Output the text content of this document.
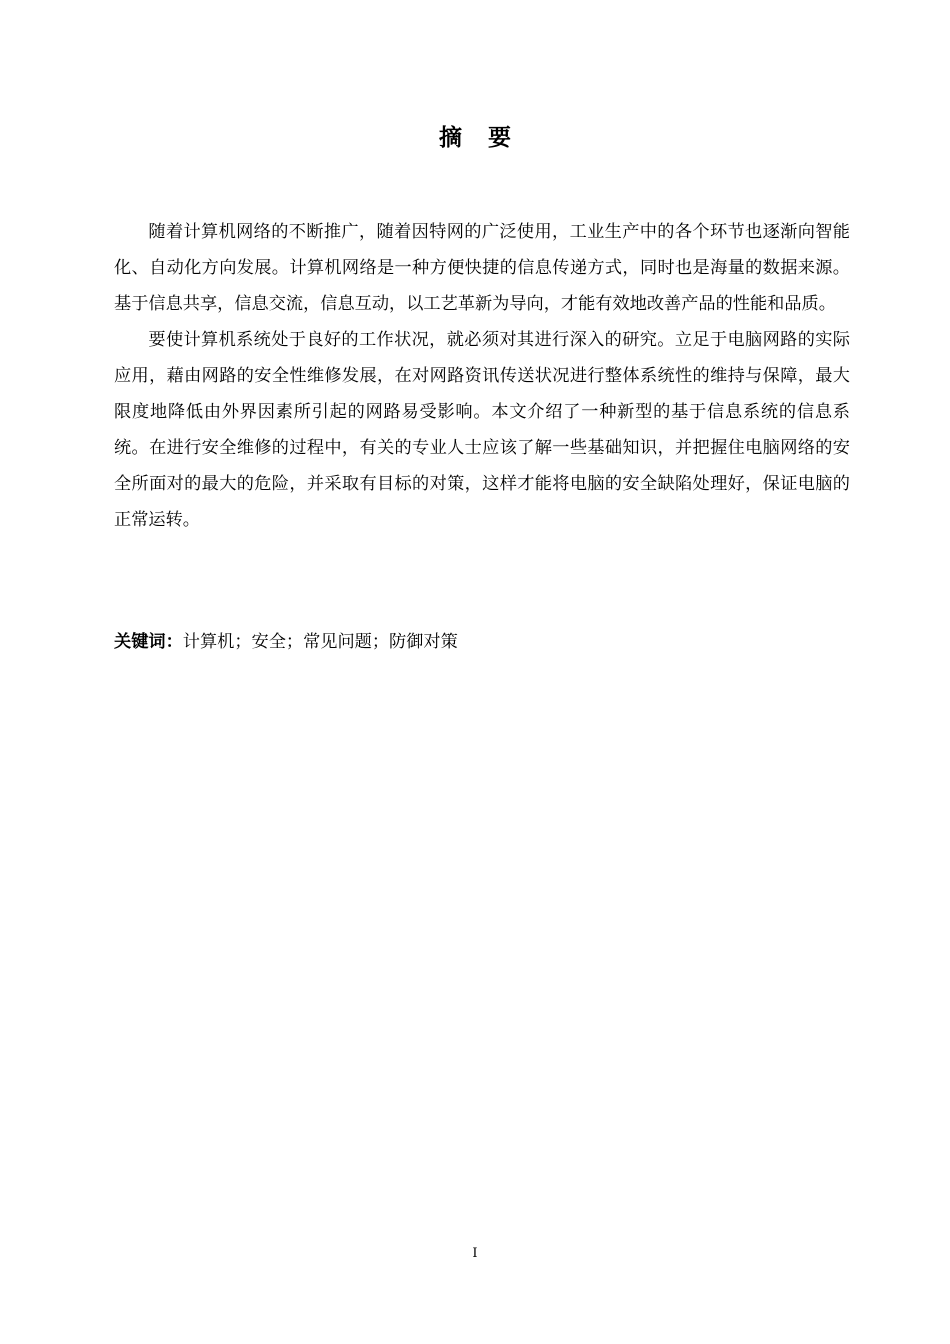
摘 要

随着计算机网络的不断推广，随着因特网的广泛使用，工业生产中的各个环节也逐渐向智能化、自动化方向发展。计算机网络是一种方便快捷的信息传递方式，同时也是海量的数据来源。基于信息共享，信息交流，信息互动，以工艺革新为导向，才能有效地改善产品的性能和品质。

要使计算机系统处于良好的工作状况，就必须对其进行深入的研究。立足于电脑网路的实际应用，藉由网路的安全性维修发展，在对网路资讯传送状况进行整体系统性的维持与保障，最大限度地降低由外界因素所引起的网路易受影响。本文介绍了一种新型的基于信息系统的信息系统。在进行安全维修的过程中，有关的专业人士应该了解一些基础知识，并把握住电脑网络的安全所面对的最大的危险，并采取有目标的对策，这样才能将电脑的安全缺陷处理好，保证电脑的正常运转。

关键词：计算机；安全；常见问题；防御对策
I
